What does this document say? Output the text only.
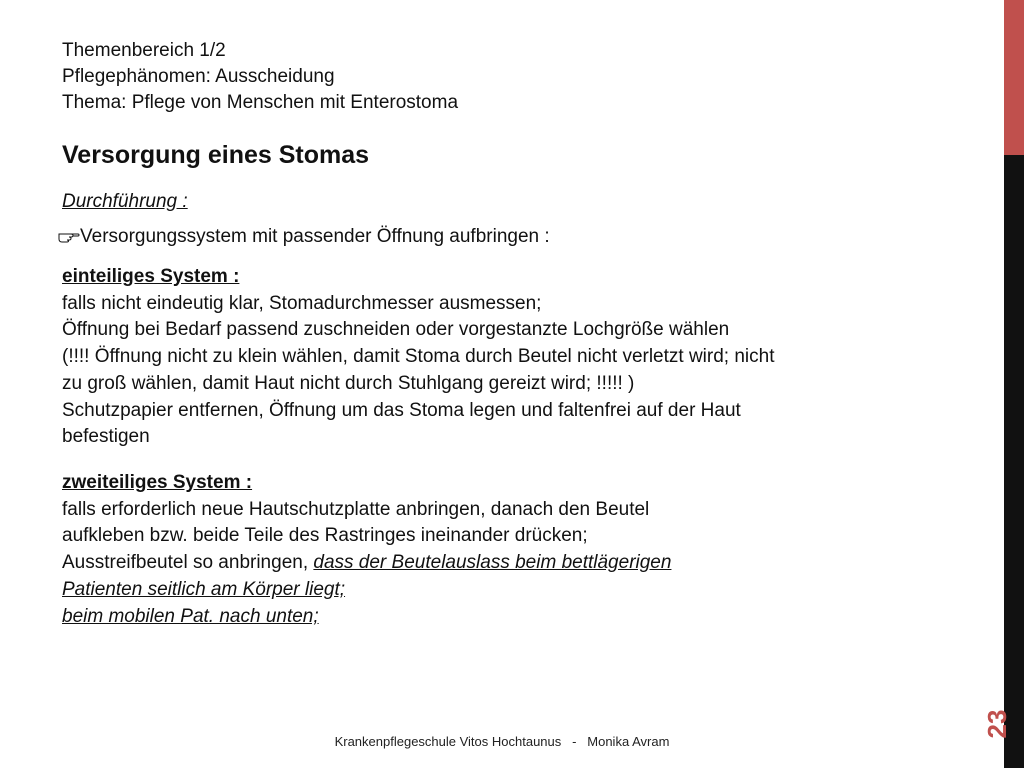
Themenbereich 1/2
Pflegephänomen: Ausscheidung
Thema: Pflege von Menschen mit Enterostoma
Versorgung eines Stomas
Durchführung :
Versorgungssystem mit passender Öffnung aufbringen :
einteiliges System :
falls nicht eindeutig klar, Stomadurchmesser ausmessen;
Öffnung bei Bedarf passend zuschneiden oder vorgestanzte Lochgröße wählen
(!!!! Öffnung nicht zu klein wählen, damit Stoma durch Beutel nicht verletzt wird; nicht
zu groß wählen, damit Haut nicht durch Stuhlgang gereizt wird; !!!!! )
Schutzpapier entfernen, Öffnung um das Stoma legen und faltenfrei auf der Haut
befestigen
zweiteiliges System :
falls erforderlich neue Hautschutzplatte anbringen, danach den Beutel
aufkleben bzw. beide Teile des Rastringes ineinander drücken;
Ausstreifbeutel so anbringen, dass der Beutelauslass beim bettlägerigen
Patienten seitlich am Körper liegt;
beim mobilen Pat. nach unten;
Krankenpflegeschule Vitos Hochtaunus   -   Monika Avram
23
